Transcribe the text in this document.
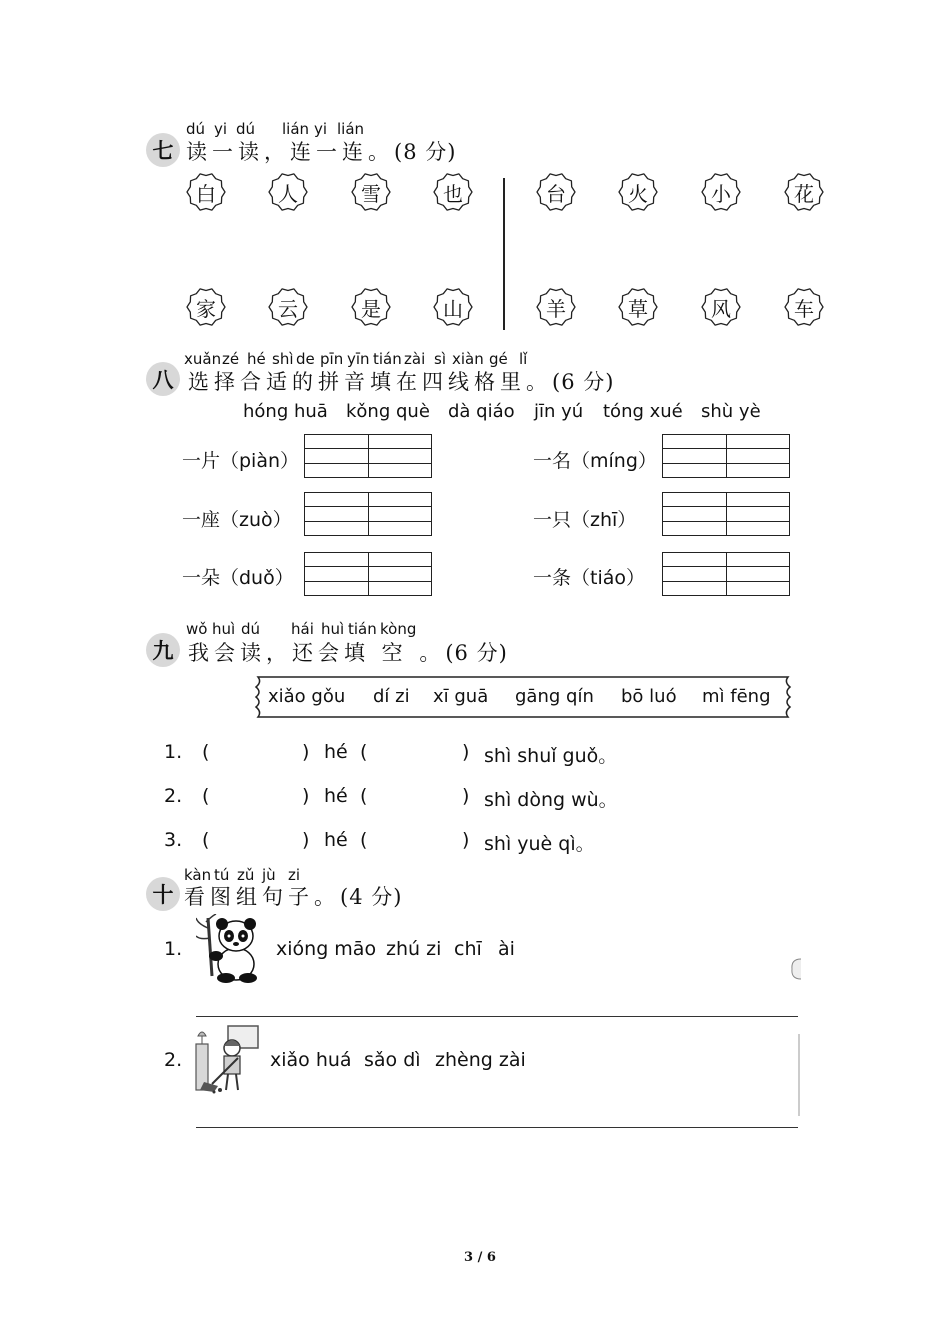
dú yi dú lián yi lián
七 读一读，连一连。(8 分)
白	人	雪	也	台	火	小	花
家	云	是	山	羊	草	风	车
xuǎn zé hé shì de pīn yīn tián zài sì xiàn gé lǐ
八 选择合适的拼音填在四线格里。(6 分)
hóng huā kǒng què dà qiáo jīn yú tóng xué shù yè
一片（piàn）
一座（zuò）
一朵（duǒ）
一名（míng）
一只（zhī）
一条（tiáo）
wǒ huì dú hái huì tián kòng
九 我会读，还会填 空 。(6 分)
xiǎo gǒu dí zi xī guā gāng qín bō luó mì fēng
1. (	) hé (	) shì shuǐ guǒ。
2. (	) hé (	) shì dòng wù。
3. (	) hé (	) shì yuè qì。
kàn tú zǔ jù zi
十 看图组句子。(4 分)
1.	xióng māo zhú zi chī ài
2.	xiǎo huá sǎo dì zhèng zài
3 / 6
